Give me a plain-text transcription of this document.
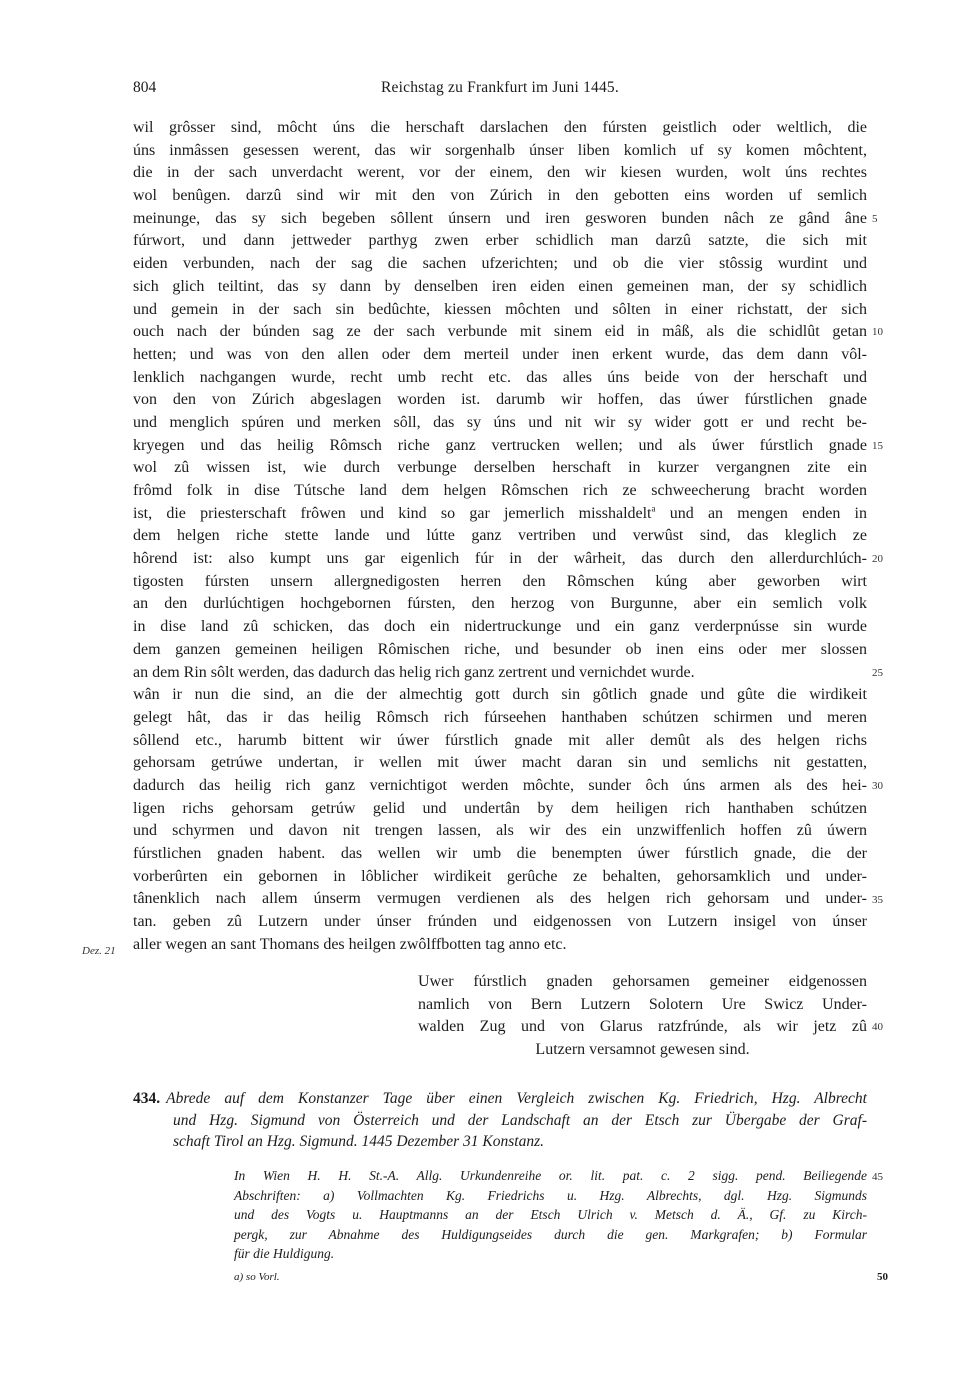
804	Reichstag zu Frankfurt im Juni 1445.
wil grôsser sind, môcht úns die herschaft darslachen den fúrsten geistlich oder weltlich, die
úns inmâssen gesessen werent, das wir sorgenhalb únser liben komlich uf sy komen môchtent,
die in der sach unverdacht werent, vor der einem, den wir kiesen wurden, wolt úns rechtes
wol benûgen. darzû sind wir mit den von Zúrich in den gebotten eins worden uf semlich
meinunge, das sy sich begeben sôllent únsern und iren gesworen bunden nâch ze gând âne
fúrwort, und dann jettweder parthyg zwen erber schidlich man darzû satzte, die sich mit
eiden verbunden, nach der sag die sachen ufzerichten; und ob die vier stôssig wurdint und
sich glich teiltint, das sy dann by denselben iren eiden einen gemeinen man, der sy schidlich
und gemein in der sach sin bedûchte, kiessen môchten und sôlten in einer richstatt, der sich
ouch nach der búnden sag ze der sach verbunde mit sinem eid in mâß, als die schidlût getan
hetten; und was von den allen oder dem merteil under inen erkent wurde, das dem dann vôl-
lenklich nachgangen wurde, recht umb recht etc. das alles úns beide von der herschaft und
von den von Zúrich abgeslagen worden ist. darumb wir hoffen, das úwer fúrstlichen gnade
und menglich spúren und merken sôll, das sy úns und nit wir sy wider gott er und recht be-
kryegen und das heilig Rômsch riche ganz vertrucken wellen; und als úwer fúrstlich gnade
wol zû wissen ist, wie durch verbunge derselben herschaft in kurzer vergangnen zite ein
frômd folk in dise Tútsche land dem helgen Rômschen rich ze schweecherung bracht worden
ist, die priesterschaft frôwen und kind so gar jemerlich misshaldelt$^a$ und an mengen enden in
dem helgen riche stette lande und lútte ganz vertriben und verwûst sind, das kleglich ze
hôrend ist: also kumpt uns gar eigenlich fúr in der wârheit, das durch den allerdurchlúch-
tigosten fúrsten unsern allergnedigosten herren den Rômschen kúng aber geworben wirt
an den durlúchtigen hochgebornen fúrsten, den herzog von Burgunne, aber ein semlich volk
in dise land zû schicken, das doch ein nidertruckunge und ein ganz verderpnússe sin wurde
dem ganzen gemeinen heiligen Rômischen riche, und besunder ob inen eins oder mer slossen
an dem Rin sôlt werden, das dadurch das helig rich ganz zertrent und vernichdet wurde.
wân ir nun die sind, an die der almechtig gott durch sin gôtlich gnade und gûte die wirdikeit
gelegt hât, das ir das heilig Rômsch rich fúrseehen hanthaben schútzen schirmen und meren
sôllend etc., harumb bittent wir úwer fúrstlich gnade mit aller demût als des helgen richs
gehorsam getrúwe undertan, ir wellen mit úwer macht daran sin und semlichs nit gestatten,
dadurch das heilig rich ganz vernichtigot werden môchte, sunder ôch úns armen als des hei-
ligen richs gehorsam getrúw gelid und undertân by dem heiligen rich hanthaben schútzen
und schyrmen und davon nit trengen lassen, als wir des ein unzwiffenlich hoffen zû úwern
fúrstlichen gnaden habent. das wellen wir umb die benempten úwer fúrstlich gnade, die der
vorberûrten ein gebornen in lôblicher wirdikeit gerûche ze behalten, gehorsamklich und under-
tânenklich nach allem únserm vermugen verdienen als des helgen rich gehorsam und under-
tan. geben zû Lutzern under únser frúnden und eidgenossen von Lutzern insigel von únser
aller wegen an sant Thomans des heilgen zwôlffbotten tag anno etc.
5
10
15
20
25
30
35
40
45
Dez. 21
Uwer fúrstlich gnaden gehorsamen gemeiner eidgenossen
namlich von Bern Lutzern Solotern Ure Swicz Under-
walden Zug und von Glarus ratzfrúnde, als wir jetz zû
Lutzern versamnot gewesen sind.
434. Abrede auf dem Konstanzer Tage über einen Vergleich zwischen Kg. Friedrich, Hzg. Albrecht
und Hzg. Sigmund von Österreich und der Landschaft an der Etsch zur Übergabe der Graf-
schaft Tirol an Hzg. Sigmund. 1445 Dezember 31 Konstanz.
In Wien H. H. St.-A. Allg. Urkundenreihe or. lit. pat. c. 2 sigg. pend. Beiliegende
Abschriften: a) Vollmachten Kg. Friedrichs u. Hzg. Albrechts, dgl. Hzg. Sigmunds
und des Vogts u. Hauptmanns an der Etsch Ulrich v. Metsch d. Ä., Gf. zu Kirch-
pergk, zur Abnahme des Huldigungseides durch die gen. Markgrafen; b) Formular
für die Huldigung.
a) so Vorl.	50
